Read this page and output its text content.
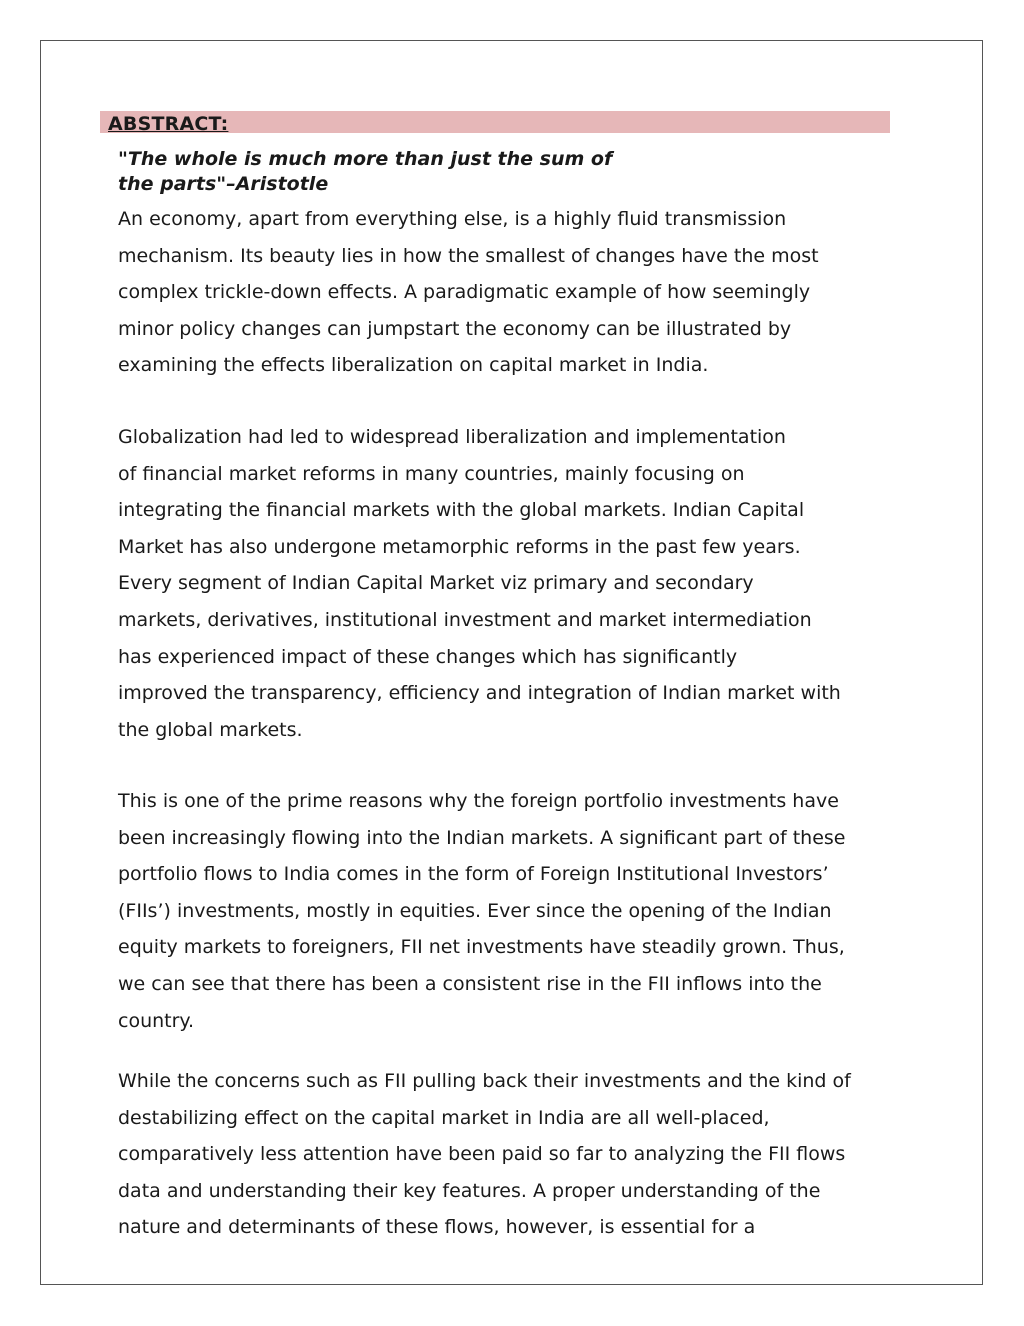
ABSTRACT:

"The whole is much more than just the sum of
the parts"–Aristotle

An economy, apart from everything else, is a highly fluid transmission
mechanism. Its beauty lies in how the smallest of changes have the most
complex trickle-down effects. A paradigmatic example of how seemingly
minor policy changes can jumpstart the economy can be illustrated by
examining the effects liberalization on capital market in India.

Globalization had led to widespread liberalization and implementation
of financial market reforms in many countries, mainly focusing on
integrating the financial markets with the global markets. Indian Capital
Market has also undergone metamorphic reforms in the past few years.
Every segment of Indian Capital Market viz primary and secondary
markets, derivatives, institutional investment and market intermediation
has experienced impact of these changes which has significantly
improved the transparency, efficiency and integration of Indian market with
the global markets.

This is one of the prime reasons why the foreign portfolio investments have
been increasingly flowing into the Indian markets. A significant part of these
portfolio flows to India comes in the form of Foreign Institutional Investors’
(FIIs’) investments, mostly in equities. Ever since the opening of the Indian
equity markets to foreigners, FII net investments have steadily grown. Thus,
we can see that there has been a consistent rise in the FII inflows into the
country.

While the concerns such as FII pulling back their investments and the kind of
destabilizing effect on the capital market in India are all well-placed,
comparatively less attention have been paid so far to analyzing the FII flows
data and understanding their key features. A proper understanding of the
nature and determinants of these flows, however, is essential for a
